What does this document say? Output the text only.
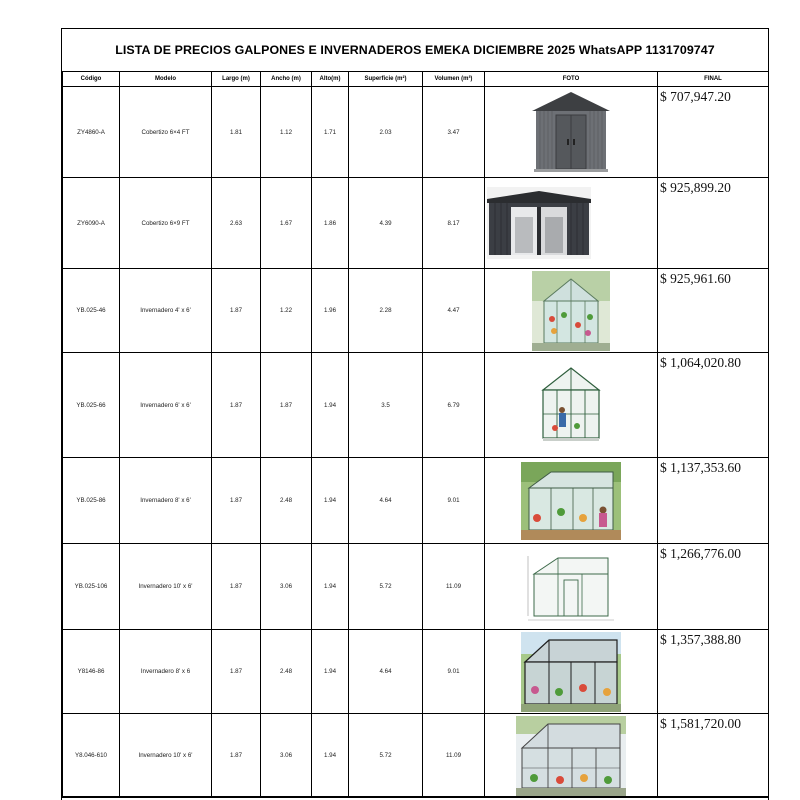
LISTA DE PRECIOS GALPONES E INVERNADEROS EMEKA DICIEMBRE 2025 WhatsAPP 1131709747
Código	Modelo	Largo (m)	Ancho (m)	Alto(m)	Superficie (m²)	Volumen (m³)	FOTO	FINAL
ZY4860-A	Cobertizo 6×4 FT	1.81	1.12	1.71	2.03	3.47		$ 707,947.20
ZY6090-A	Cobertizo 6×9 FT	2.63	1.67	1.86	4.39	8.17		$ 925,899.20
YB.025-46	Invernadero 4' x 6'	1.87	1.22	1.96	2.28	4.47		$ 925,961.60
YB.025-66	Invernadero 6' x 6'	1.87	1.87	1.94	3.5	6.79		$ 1,064,020.80
YB.025-86	Invernadero 8' x 6'	1.87	2.48	1.94	4.64	9.01		$ 1,137,353.60
YB.025-106	Invernadero 10' x 6'	1.87	3.06	1.94	5.72	11.09		$ 1,266,776.00
Y8146-86	Invernadero 8' x 6	1.87	2.48	1.94	4.64	9.01		$ 1,357,388.80
Y8.046-610	Invernadero 10' x 6'	1.87	3.06	1.94	5.72	11.09		$ 1,581,720.00
